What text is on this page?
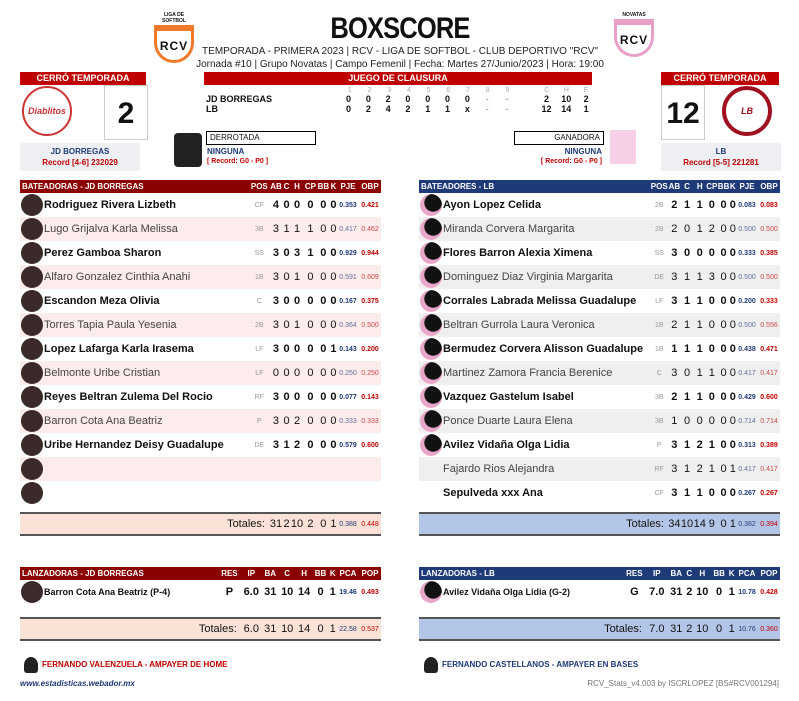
BOXSCORE
TEMPORADA - PRIMERA 2023 | RCV - LIGA DE SOFTBOL - CLUB DEPORTIVO "RCV"
Jornada #10 | Grupo Novatas | Campo Femenil | Fecha: Martes 27/Junio/2023 | Hora: 19:00
LIGA DE SOFTBOL
RCV
NOVATAS
RCV
CERRÓ TEMPORADA
Diablitos	2
JD BORREGAS
Record [4-6] 232029
CERRÓ TEMPORADA
12	LB
LB
Record [5-5] 221281
JUEGO DE CLAUSURA
1	2	3	4	5	6	7	8	9	C	H	E
JD BORREGAS	0	0	2	0	0	0	0	-	-	2	10	2
LB	0	2	4	2	1	1	x	-	-	12	14	1
DERROTADA
NINGUNA
[ Record: G0 - P0 ]
GANADORA
NINGUNA
[ Record: G0 - P0 ]
BATEADORAS - JD BORREGAS		POS	AB	C	H	CP	BB	K	PJE	OBP

	Rodriguez Rivera Lizbeth	CF	4	0	0	0	0	0	0.353	0.421

	Lugo Grijalva Karla Melissa	3B	3	1	1	1	0	0	0.417	0.462

	Perez Gamboa Sharon	SS	3	0	3	1	0	0	0.929	0.944

	Alfaro Gonzalez Cinthia Anahi	1B	3	0	1	0	0	0	0.591	0.609

	Escandon Meza Olivia	C	3	0	0	0	0	0	0.167	0.375

	Torres Tapia Paula Yesenia	2B	3	0	1	0	0	0	0.364	0.500

	Lopez Lafarga Karla Irasema	LF	3	0	0	0	0	1	0.143	0.200

	Belmonte Uribe Cristian	LF	0	0	0	0	0	0	0.250	0.250

	Reyes Beltran Zulema Del Rocio	RF	3	0	0	0	0	0	0.077	0.143

	Barron Cota Ana Beatriz	P	3	0	2	0	0	0	0.333	0.333

	Uribe Hernandez Deisy Guadalupe	DE	3	1	2	0	0	0	0.579	0.600

Totales:			31	2	10	2	0	1	0.388	0.448
BATEADORES - LB		POS	AB	C	H	CP	BB	K	PJE	OBP

	Ayon Lopez Celida	2B	2	1	1	0	0	0	0.083	0.083

	Miranda Corvera Margarita	2B	2	0	1	2	0	0	0.500	0.500

	Flores Barron Alexia Ximena	SS	3	0	0	0	0	0	0.333	0.385

	Dominguez Diaz Virginia Margarita	DE	3	1	1	3	0	0	0.500	0.500

	Corrales Labrada Melissa Guadalupe	LF	3	1	1	0	0	0	0.200	0.333

	Beltran Gurrola Laura Veronica	1B	2	1	1	0	0	0	0.500	0.556

	Bermudez Corvera Alisson Guadalupe	1B	1	1	1	0	0	0	0.438	0.471

	Martinez Zamora Francia Berenice	C	3	0	1	1	0	0	0.417	0.417

	Vazquez Gastelum Isabel	3B	2	1	1	0	0	0	0.429	0.600

	Ponce Duarte Laura Elena	3B	1	0	0	0	0	0	0.714	0.714

	Avilez Vidaña Olga Lidia	P	3	1	2	1	0	0	0.313	0.389
	Fajardo Rios Alejandra	RF	3	1	2	1	0	1	0.417	0.417
	Sepulveda xxx Ana	CF	3	1	1	0	0	0	0.267	0.267

Totales:			34	10	14	9	0	1	0.382	0.394
LANZADORAS - JD BORREGAS		RES	IP	BA	C	H	BB	K	PCA	POP

	Barron Cota Ana Beatriz (P-4)	P	6.0	31	10	14	0	1	19.46	0.493

Totales:			6.0	31	10	14	0	1	22.58	0.537
LANZADORAS - LB		RES	IP	BA	C	H	BB	K	PCA	POP

	Avilez Vidaña Olga Lidia (G-2)	G	7.0	31	2	10	0	1	10.78	0.428

Totales:			7.0	31	2	10	0	1	10.76	0.360
FERNANDO VALENZUELA - AMPAYER DE HOME	FERNANDO CASTELLANOS - AMPAYER EN BASES
www.estadisticas.webador.mx	RCV_Stats_v4.003 by ISCRLOPEZ [BS#RCV001294]
